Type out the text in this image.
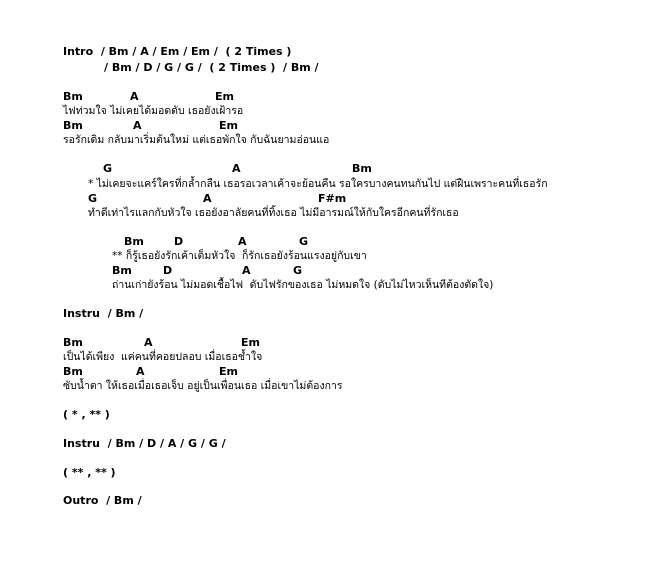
Intro  / Bm / A / Em / Em /  ( 2 Times )
/ Bm / D / G / G /  ( 2 Times )  / Bm /
Bm	A	Em
ไฟท่วมใจ ไม่เคยได้มอดดับ เธอยังเฝ้ารอ
Bm	A	Em
รอรักเดิม กลับมาเริ่มต้นใหม่ แต่เธอพักใจ กับฉันยามอ่อนแอ
G	A	Bm
* ไม่เคยจะแคร์ใครที่กล้ำกลืน เธอรอเวลาเค้าจะย้อนคืน รอใครบางคนทนกันไป แต่ฝืนเพราะคนที่เธอรัก
G	A	F#m
ทำดีเท่าไรแลกกับหัวใจ เธอยังอาลัยคนที่ทิ้งเธอ ไม่มีอารมณ์ให้กับใครอีกคนที่รักเธอ
Bm	D	A	G
** ก็รู้เธอยังรักเค้าเต็มหัวใจ  ก็รักเธอยังร้อนแรงอยู่กับเขา
Bm	D	A	G
ถ่านเก่ายังร้อน ไม่มอดเชื้อไฟ  ดับไฟรักของเธอ ไม่หมดใจ (ดับไม่ไหวเห็นทีต้องตัดใจ)
Instru  / Bm /
Bm	A	Em
เป็นได้เพียง  แค่คนที่คอยปลอบ เมื่อเธอช้ำใจ
Bm	A	Em
ซับน้ำตา ให้เธอเมื่อเธอเจ็บ อยู่เป็นเพื่อนเธอ เมื่อเขาไม่ต้องการ
( * , ** )
Instru  / Bm / D / A / G / G /
( ** , ** )
Outro  / Bm /
